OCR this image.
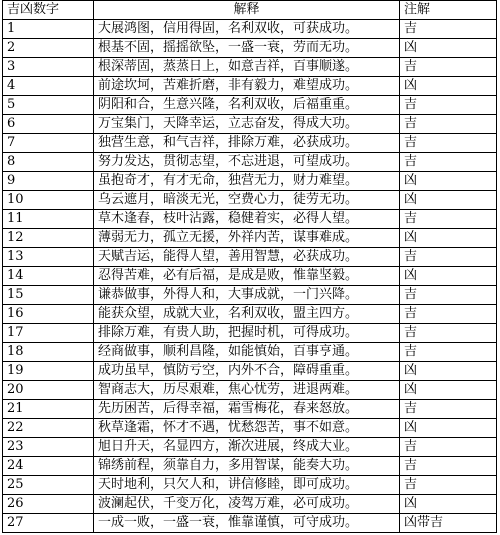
吉凶数字	解释	注解
1	大展鸿图，信用得固，名利双收，可获成功。	吉
2	根基不固，摇摇欲坠，一盛一衰，劳而无功。	凶
3	根深蒂固，蒸蒸日上，如意吉祥，百事顺遂。	吉
4	前途坎坷，苦难折磨，非有毅力，难望成功。	凶
5	阴阳和合，生意兴隆，名利双收，后福重重。	吉
6	万宝集门，天降幸运，立志奋发，得成大功。	吉
7	独营生意，和气吉祥，排除万难，必获成功。	吉
8	努力发达，贯彻志望，不忘进退，可望成功。	吉
9	虽抱奇才，有才无命，独营无力，财力难望。	凶
10	乌云遮月，暗淡无光，空费心力，徒劳无功。	凶
11	草木逢春，枝叶沾露，稳健着实，必得人望。	吉
12	薄弱无力，孤立无援，外祥内苦，谋事难成。	凶
13	天赋吉运，能得人望，善用智慧，必获成功。	吉
14	忍得苦难，必有后福，是成是败，惟靠坚毅。	凶
15	谦恭做事，外得人和，大事成就，一门兴降。	吉
16	能获众望，成就大业，名利双收，盟主四方。	吉
17	排除万难，有贵人助，把握时机，可得成功。	吉
18	经商做事，顺利昌隆，如能慎始，百事亨通。	吉
19	成功虽早，慎防亏空，内外不合，障碍重重。	凶
20	智商志大，历尽艰难，焦心忧劳，进退两难。	凶
21	先历困苦，后得幸福，霜雪梅花，春来怒放。	吉
22	秋草逢霜，怀才不遇，忧愁怨苦，事不如意。	凶
23	旭日升天，名显四方，渐次进展，终成大业。	吉
24	锦绣前程，须靠自力，多用智谋，能奏大功。	吉
25	天时地利，只欠人和，讲信修睦，即可成功。	吉
26	波澜起伏，千变万化，凌驾万难，必可成功。	凶
27	一成一败，一盛一衰，惟靠谨慎，可守成功。	凶带吉
